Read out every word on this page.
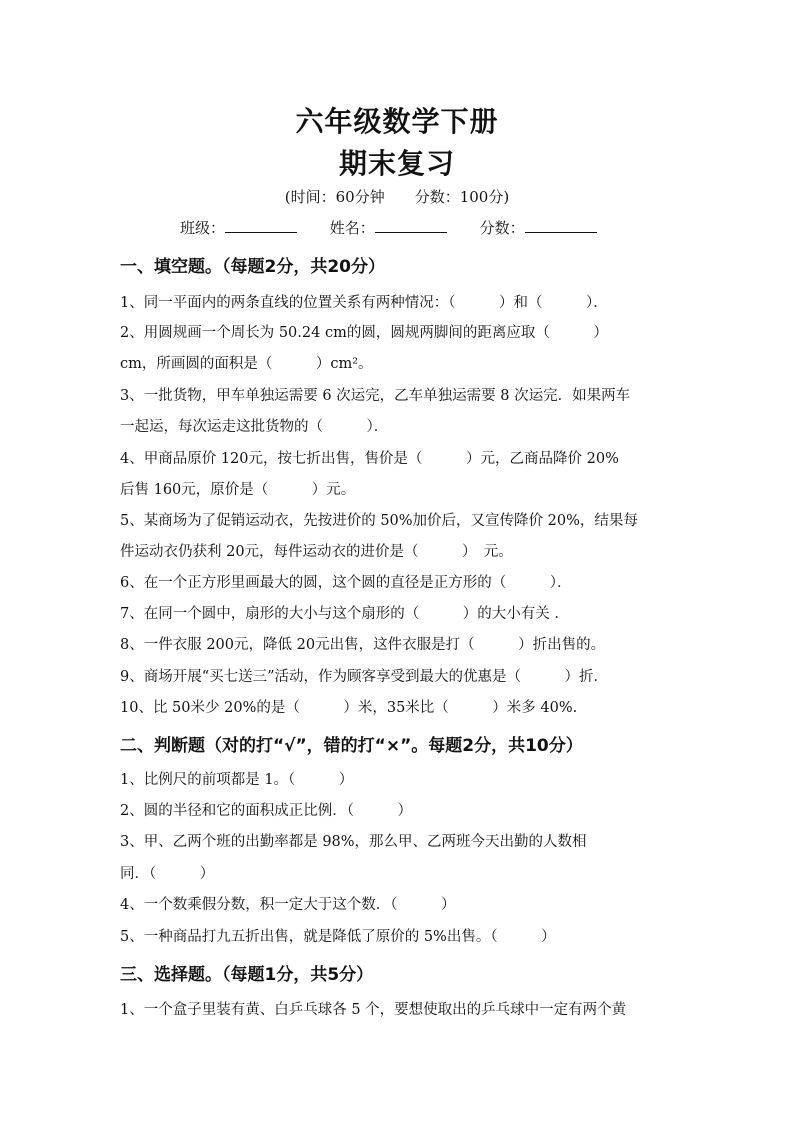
六年级数学下册
期末复习
(时间：60分钟　　分数：100分)
班级：	姓名：	分数：
一、填空题。（每题2分，共20分）
1、同一平面内的两条直线的位置关系有两种情况：（　　　）和（　　　）．
2、用圆规画一个周长为 50.24 cm的圆，圆规两脚间的距离应取（　　　）
cm，所画圆的面积是（　　　）cm²。
3、一批货物，甲车单独运需要 6 次运完，乙车单独运需要 8 次运完．如果两车
一起运，每次运走这批货物的（　　　）．
4、甲商品原价 120元，按七折出售，售价是（　　　）元，乙商品降价 20%
后售 160元，原价是（　　　）元。
5、某商场为了促销运动衣，先按进价的 50%加价后，又宣传降价 20%，结果每
件运动衣仍获利 20元，每件运动衣的进价是（　　　）　元。
6、在一个正方形里画最大的圆，这个圆的直径是正方形的（　　　）．
7、在同一个圆中，扇形的大小与这个扇形的（　　　）的大小有关 ．
8、一件衣服 200元，降低 20元出售，这件衣服是打（　　　）折出售的。
9、商场开展“买七送三”活动，作为顾客享受到最大的优惠是（　　　）折．
10、比 50米少 20%的是（　　　）米，35米比（　　　）米多 40%.
二、判断题（对的打“√”，错的打“×”。每题2分，共10分）
1、比例尺的前项都是 1。（　　　）
2、圆的半径和它的面积成正比例．（　　　）
3、甲、乙两个班的出勤率都是 98%，那么甲、乙两班今天出勤的人数相
同．（　　　）
4、一个数乘假分数，积一定大于这个数．（　　　）
5、一种商品打九五折出售，就是降低了原价的 5%出售。（　　　）
三、选择题。（每题1分，共5分）
1、一个盒子里装有黄、白乒乓球各 5 个，要想使取出的乒乓球中一定有两个黄
